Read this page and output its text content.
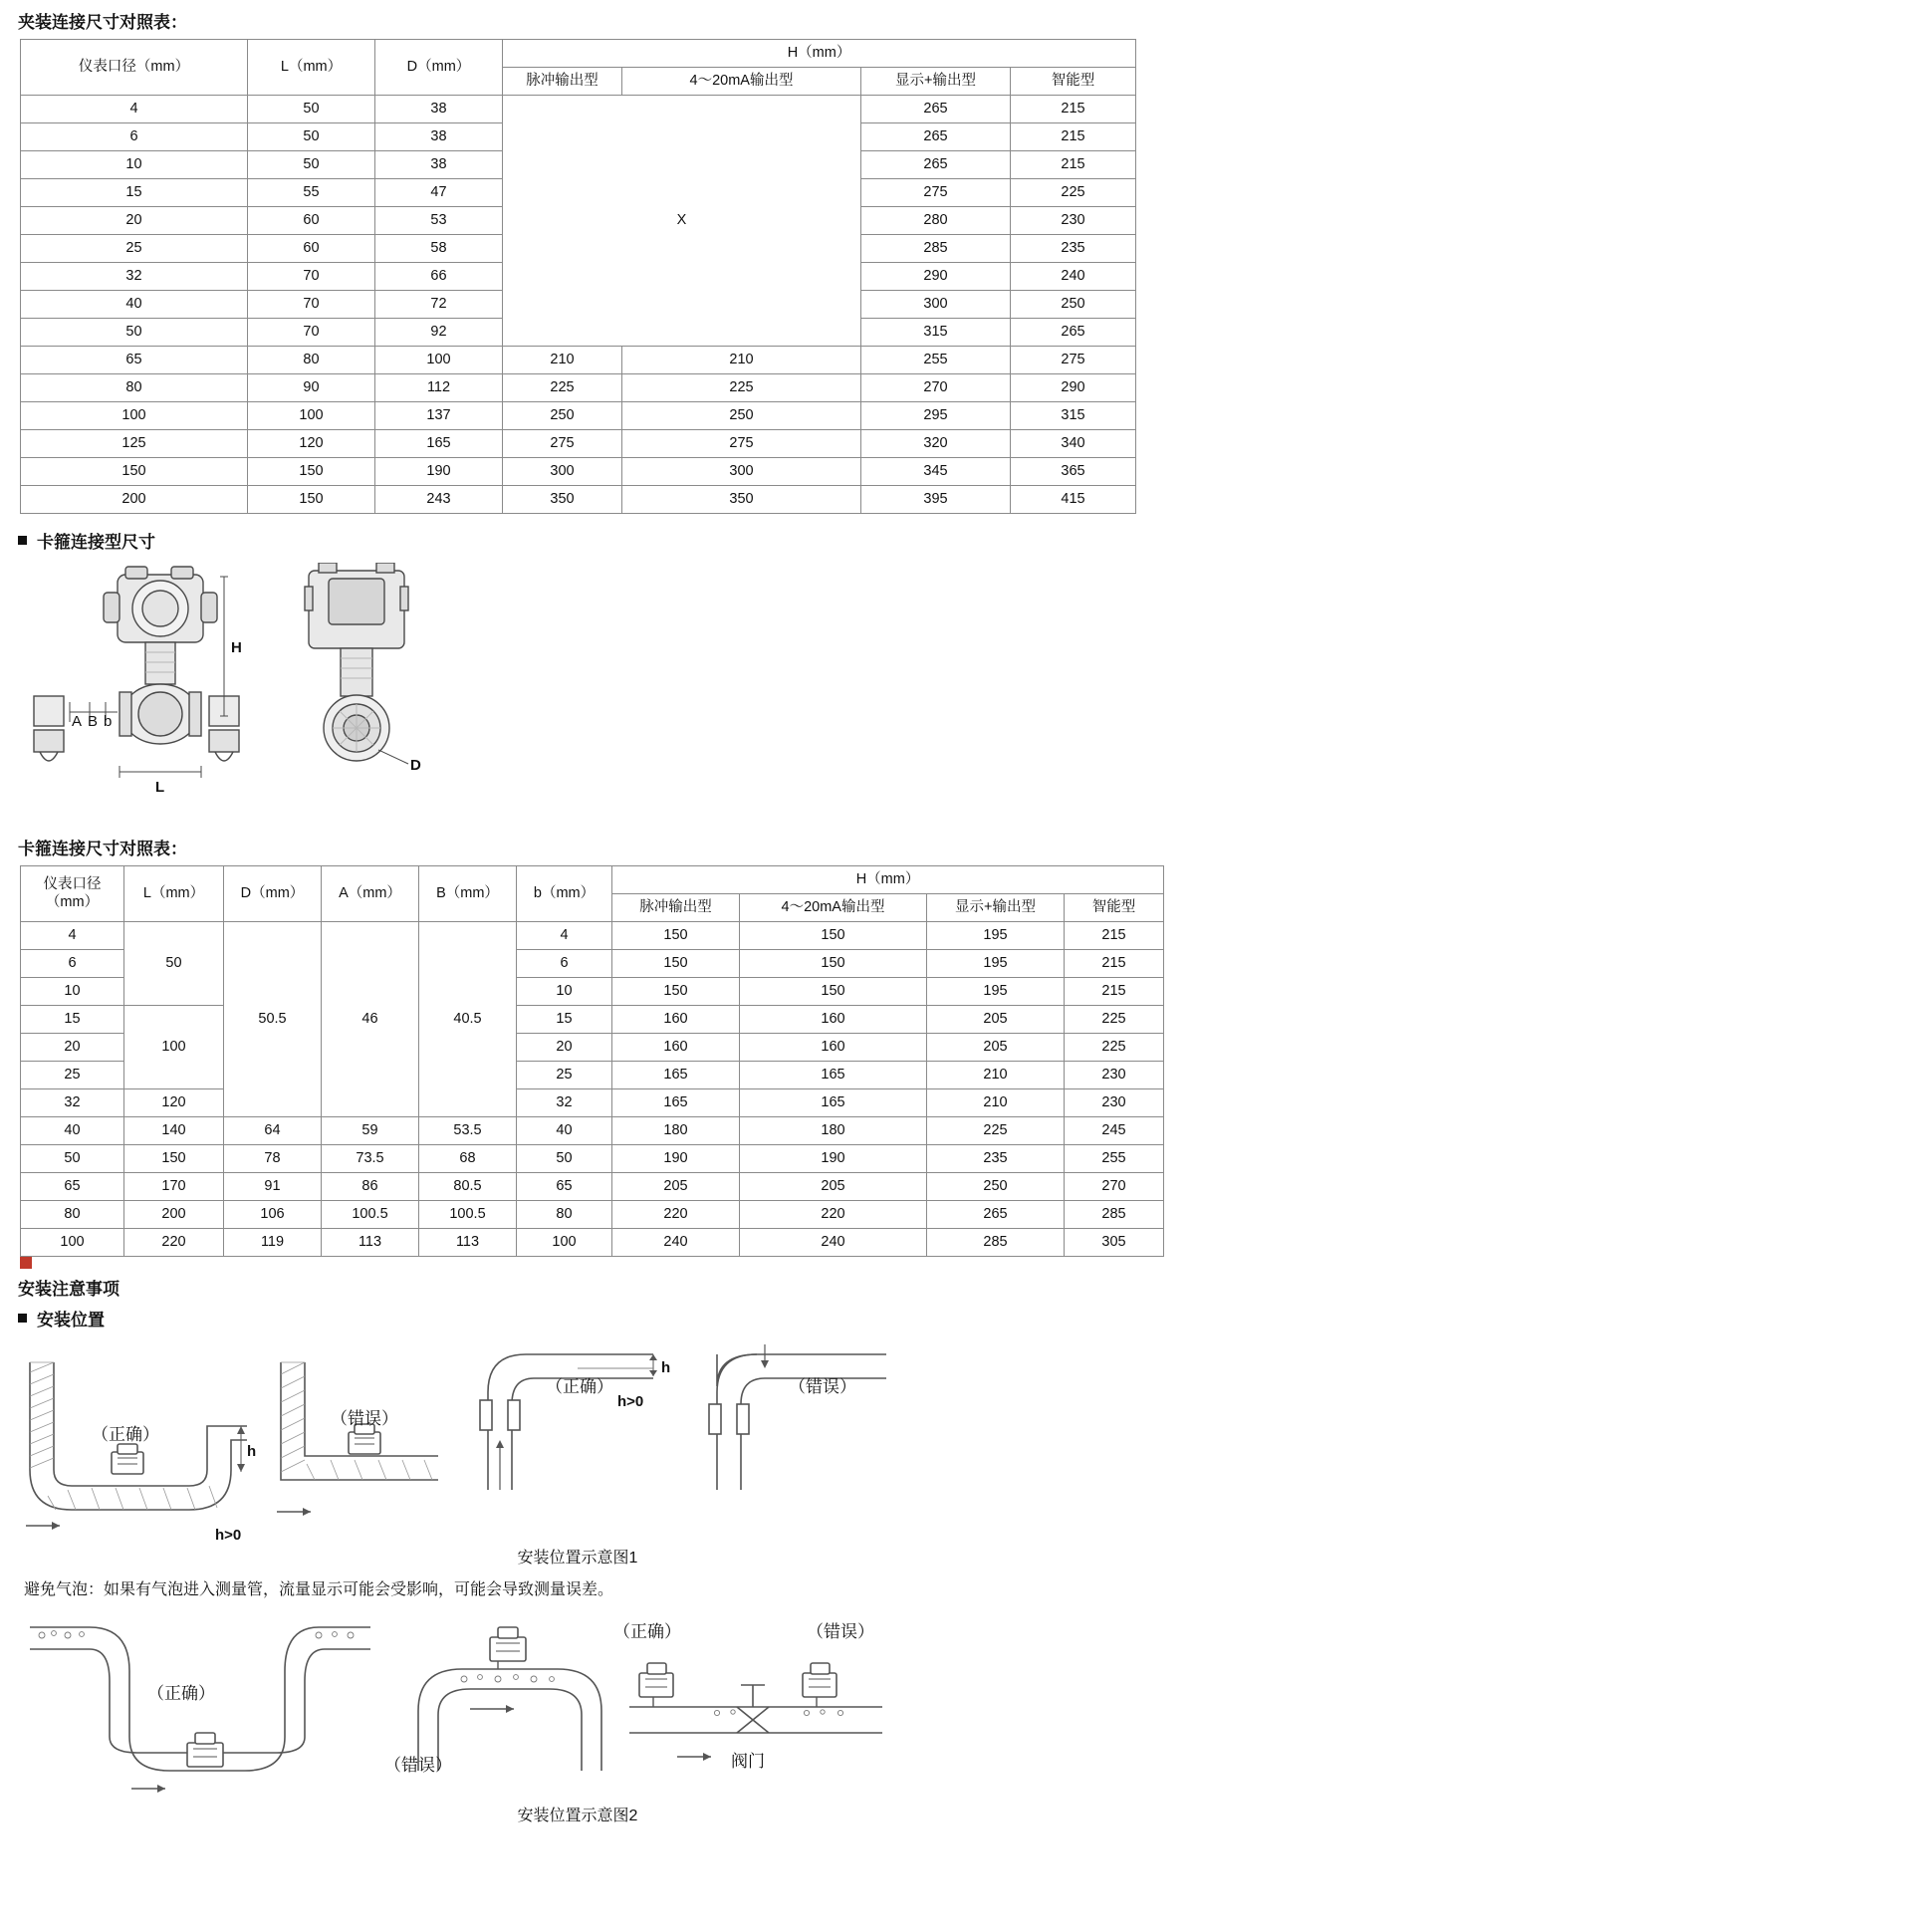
夹装连接尺寸对照表：
仪表口径（mm）	L（mm）	D（mm）	H（mm）			
			脉冲输出型	4～20mA输出型	显示+输出型	智能型
4	50	38	X		265	215
6	50	38			265	215
10	50	38			265	215
15	55	47			275	225
20	60	53			280	230
25	60	58			285	235
32	70	66			290	240
40	70	72			300	250
50	70	92			315	265
65	80	100	210	210	255	275
80	90	112	225	225	270	290
100	100	137	250	250	295	315
125	120	165	275	275	320	340
150	150	190	300	300	345	365
200	150	243	350	350	395	415
卡箍连接型尺寸
H
L
A B b
D
卡箍连接尺寸对照表：
仪表口径（mm）	L（mm）	D（mm）	A（mm）	B（mm）	b（mm）	H（mm）			
						脉冲输出型	4～20mA输出型	显示+输出型	智能型
4	50	50.5	46	40.5	4	150	150	195	215
6					6	150	150	195	215
10					10	150	150	195	215
15	100				15	160	160	205	225
20					20	160	160	205	225
25					25	165	165	210	230
32	120				32	165	165	210	230
40	140	64	59	53.5	40	180	180	225	245
50	150	78	73.5	68	50	190	190	235	255
65	170	91	86	80.5	65	205	205	250	270
80	200	106	100.5	100.5	80	220	220	265	285
100	220	119	113	113	100	240	240	285	305
安装注意事项
安装位置
（正确）
（错误）
（正确）	（错误）
h
h>0
h
h>0
安装位置示意图1
避免气泡：如果有气泡进入测量管，流量显示可能会受影响，可能会导致测量误差。
（正确）
（错误）
（正确）	（错误）
阀门
安装位置示意图2
